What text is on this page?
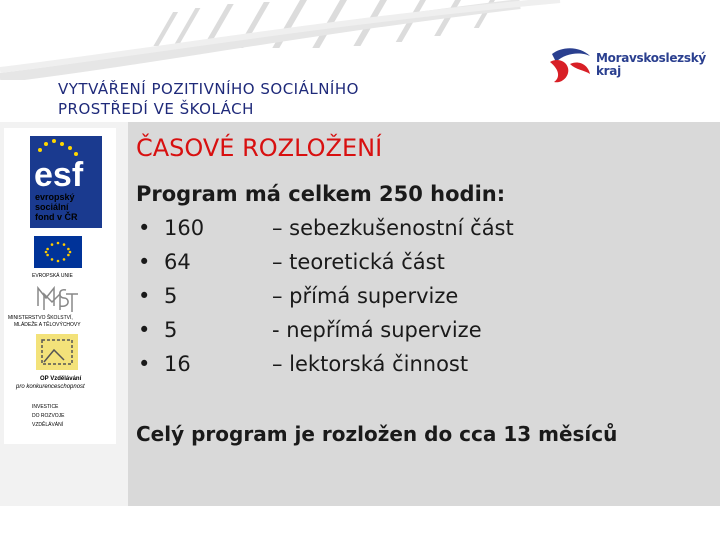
VYTVÁŘENÍ POZITIVNÍHO SOCIÁLNÍHO
PROSTŘEDÍ VE ŠKOLÁCH
Moravskoslezský
kraj
esf
evropský
sociální
fond v ČR
EVROPSKÁ UNIE
MINISTERSTVO ŠKOLSTVÍ,
MLÁDEŽE A TĚLOVÝCHOVY
OP Vzdělávání
pro konkurenceschopnost
INVESTICE
DO ROZVOJE
VZDĚLÁVÁNÍ
ČASOVÉ ROZLOŽENÍ
Program má celkem 250 hodin:
• 160	– sebezkušenostní část
• 64	– teoretická část
• 5	– přímá supervize
• 5	- nepřímá supervize
• 16	– lektorská činnost
Celý program je rozložen do cca 13 měsíců
